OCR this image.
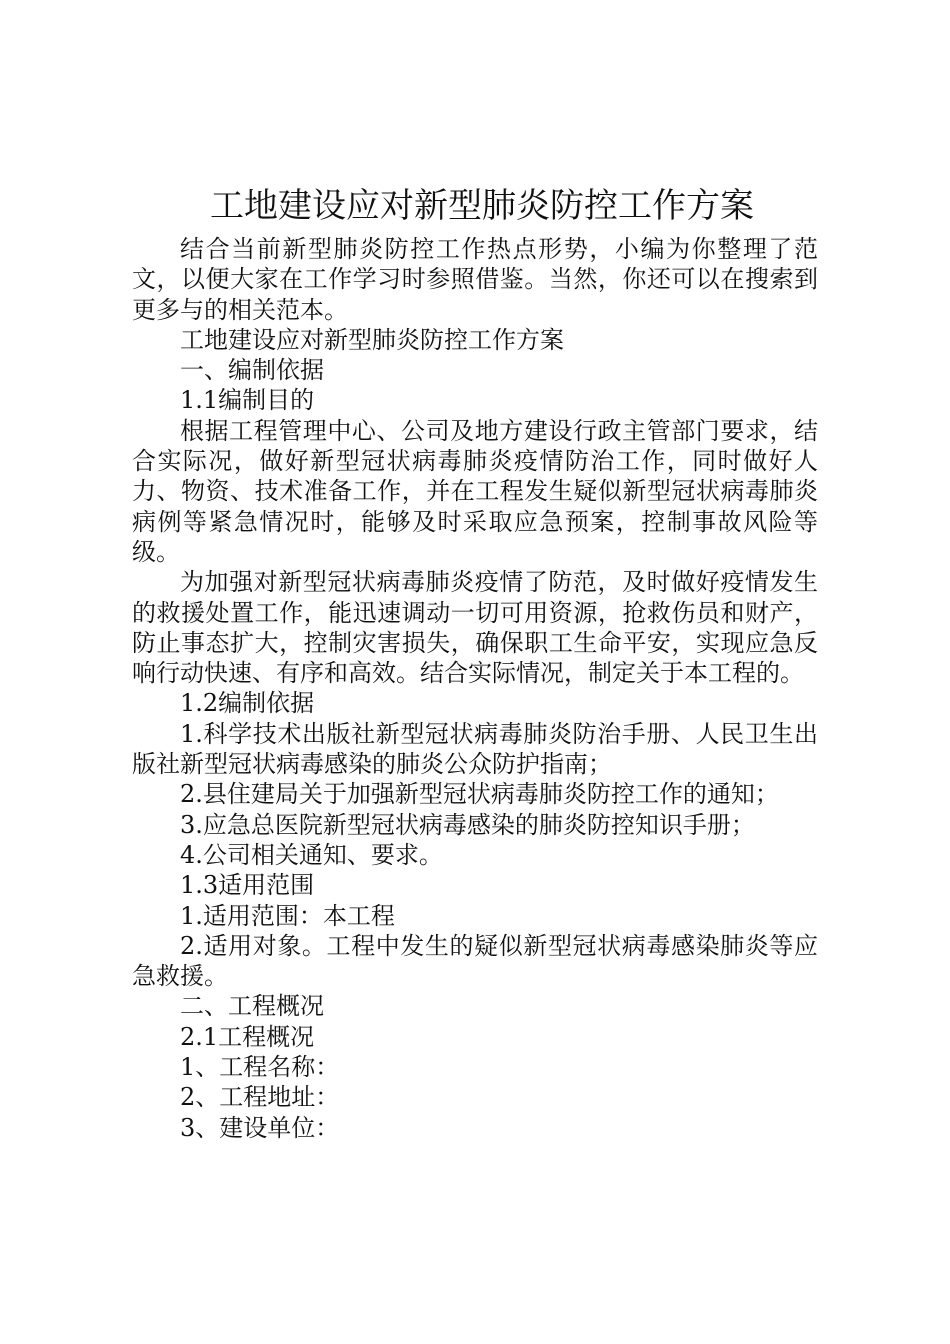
工地建设应对新型肺炎防控工作方案

结合当前新型肺炎防控工作热点形势，小编为你整理了范文，以便大家在工作学习时参照借鉴。当然，你还可以在搜索到更多与的相关范本。

工地建设应对新型肺炎防控工作方案

一、编制依据

1.1编制目的

根据工程管理中心、公司及地方建设行政主管部门要求，结合实际况，做好新型冠状病毒肺炎疫情防治工作，同时做好人力、物资、技术准备工作，并在工程发生疑似新型冠状病毒肺炎病例等紧急情况时，能够及时采取应急预案，控制事故风险等级。

为加强对新型冠状病毒肺炎疫情了防范，及时做好疫情发生的救援处置工作，能迅速调动一切可用资源，抢救伤员和财产，防止事态扩大，控制灾害损失，确保职工生命平安，实现应急反响行动快速、有序和高效。结合实际情况，制定关于本工程的。

1.2编制依据

1.科学技术出版社新型冠状病毒肺炎防治手册、人民卫生出版社新型冠状病毒感染的肺炎公众防护指南；

2.县住建局关于加强新型冠状病毒肺炎防控工作的通知；

3.应急总医院新型冠状病毒感染的肺炎防控知识手册；

4.公司相关通知、要求。

1.3适用范围

1.适用范围：本工程

2.适用对象。工程中发生的疑似新型冠状病毒感染肺炎等应急救援。

二、工程概况

2.1工程概况

1、工程名称：

2、工程地址：

3、建设单位：
